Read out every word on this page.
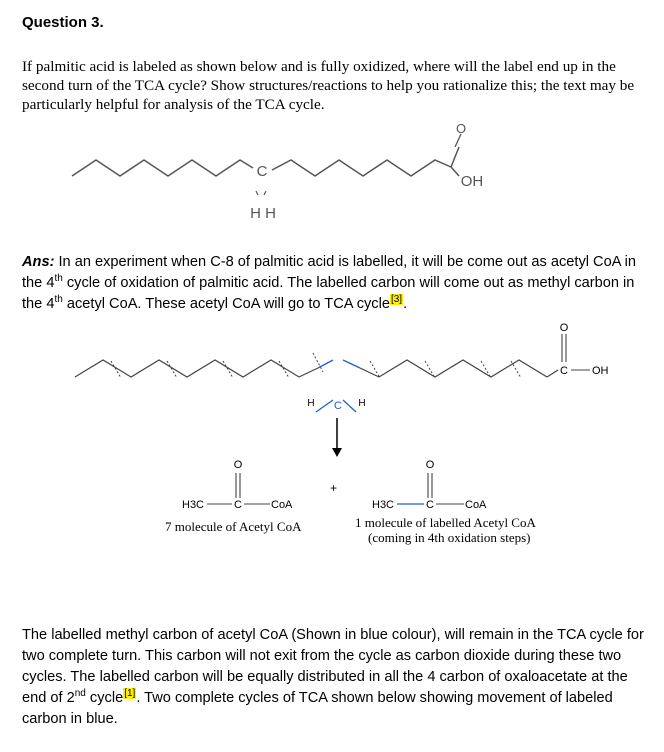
Question 3.
If palmitic acid is labeled as shown below and is fully oxidized, where will the label end up in the second turn of the TCA cycle? Show structures/reactions to help you rationalize this; the text may be particularly helpful for analysis of the TCA cycle.
O
OH
C
H H
Ans: In an experiment when C-8 of palmitic acid is labelled, it will be come out as acetyl CoA in the 4th cycle of oxidation of palmitic acid. The labelled carbon will come out as methyl carbon in the 4th acetyl CoA. These acetyl CoA will go to TCA cycle[3].
O
C OH
C
H	H
+
H3C	C
O
CoA
7 molecule of Acetyl CoA
H3C	C
O
CoA
1 molecule of labelled Acetyl CoA
(coming in 4th oxidation steps)
The labelled methyl carbon of acetyl CoA (Shown in blue colour), will remain in the TCA cycle for two complete turn. This carbon will not exit from the cycle as carbon dioxide during these two cycles. The labelled carbon will be equally distributed in all the 4 carbon of oxaloacetate at the end of 2nd cycle[1]. Two complete cycles of TCA shown below showing movement of labeled carbon in blue.
